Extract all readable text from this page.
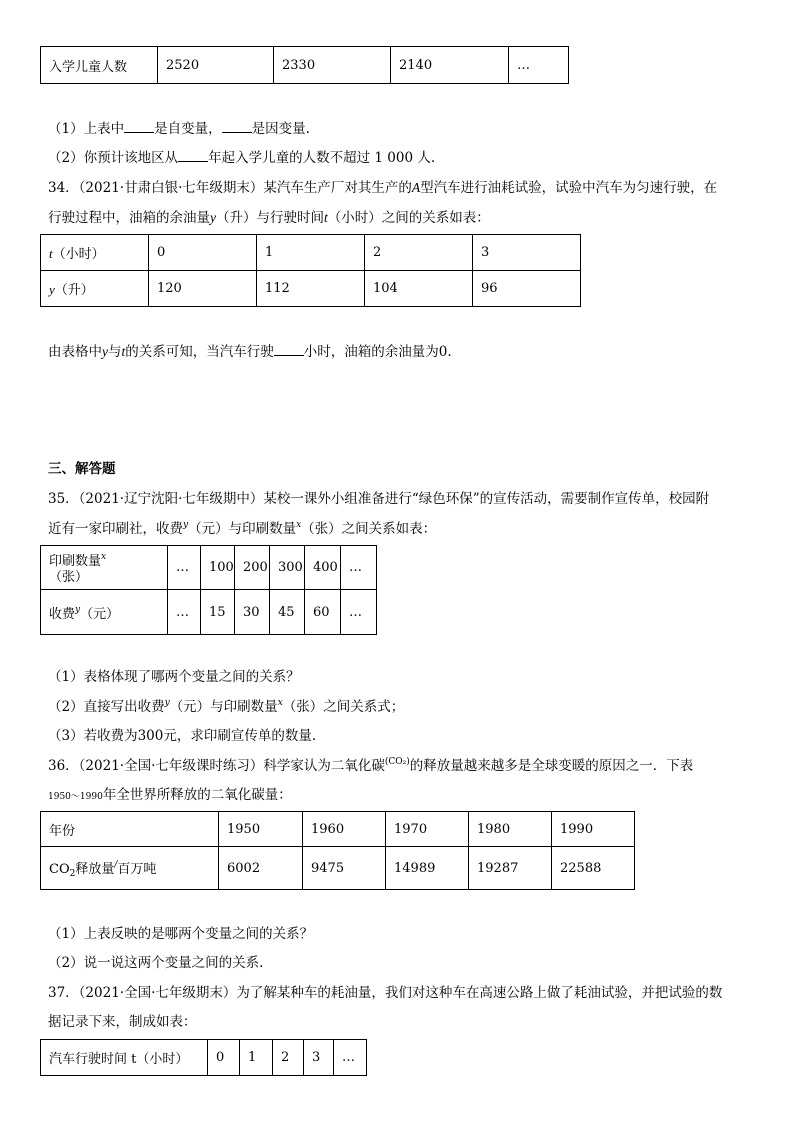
入学儿童人数	2520	2330	2140	…
（1）上表中 是自变量， 是因变量.
（2）你预计该地区从 年起入学儿童的人数不超过 1 000 人.
34．（2021·甘肃白银·七年级期末）某汽车生产厂对其生产的A型汽车进行油耗试验，试验中汽车为匀速行驶，在
行驶过程中，油箱的余油量y（升）与行驶时间t（小时）之间的关系如表：
t（小时）	0	1	2	3
y（升）	120	112	104	96
由表格中y与t的关系可知，当汽车行驶 小时，油箱的余油量为0.
三、解答题
35．（2021·辽宁沈阳·七年级期中）某校一课外小组准备进行“绿色环保”的宣传活动，需要制作宣传单，校园附
近有一家印刷社，收费$^y$（元）与印刷数量$^x$（张）之间关系如表：
印刷数量$^x$
（张）	…	100	200	300	400	…
收费$^y$（元）	…	15	30	45	60	…
（1）表格体现了哪两个变量之间的关系？
（2）直接写出收费$^y$（元）与印刷数量$^x$（张）之间关系式；
（3）若收费为300元，求印刷宣传单的数量.
36．（2021·全国·七年级课时练习）科学家认为二氧化碳$^{(CO_2)}$的释放量越来越多是全球变暖的原因之一．下表
1950～1990年全世界所释放的二氧化碳量：
年份	1950	1960	1970	1980	1990
$CO_2$释放量/百万吨	6002	9475	14989	19287	22588
（1）上表反映的是哪两个变量之间的关系？
（2）说一说这两个变量之间的关系.
37．（2021·全国·七年级期末）为了解某种车的耗油量，我们对这种车在高速公路上做了耗油试验，并把试验的数
据记录下来，制成如表：
汽车行驶时间 t（小时）	0	1	2	3	…
